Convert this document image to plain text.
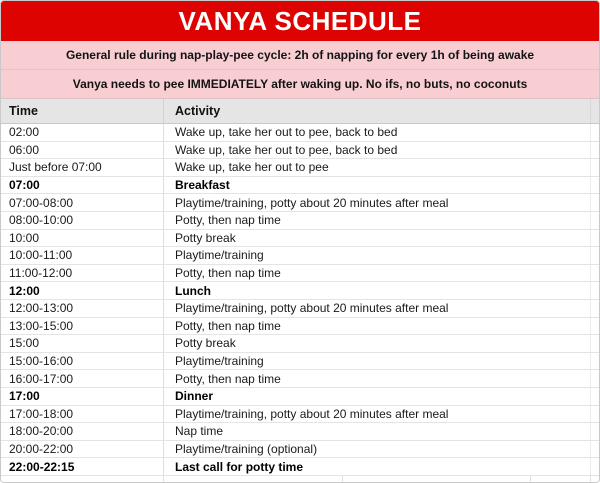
VANYA SCHEDULE
General rule during nap-play-pee cycle: 2h of napping for every 1h of being awake
Vanya needs to pee IMMEDIATELY after waking up. No ifs, no buts, no coconuts
Time	Activity
02:00	Wake up, take her out to pee, back to bed
06:00	Wake up, take her out to pee, back to bed
Just before 07:00	Wake up, take her out to pee
07:00	Breakfast
07:00-08:00	Playtime/training, potty about 20 minutes after meal
08:00-10:00	Potty, then nap time
10:00	Potty break
10:00-11:00	Playtime/training
11:00-12:00	Potty, then nap time
12:00	Lunch
12:00-13:00	Playtime/training, potty about 20 minutes after meal
13:00-15:00	Potty, then nap time
15:00	Potty break
15:00-16:00	Playtime/training
16:00-17:00	Potty, then nap time
17:00	Dinner
17:00-18:00	Playtime/training, potty about 20 minutes after meal
18:00-20:00	Nap time
20:00-22:00	Playtime/training (optional)
22:00-22:15	Last call for potty time
